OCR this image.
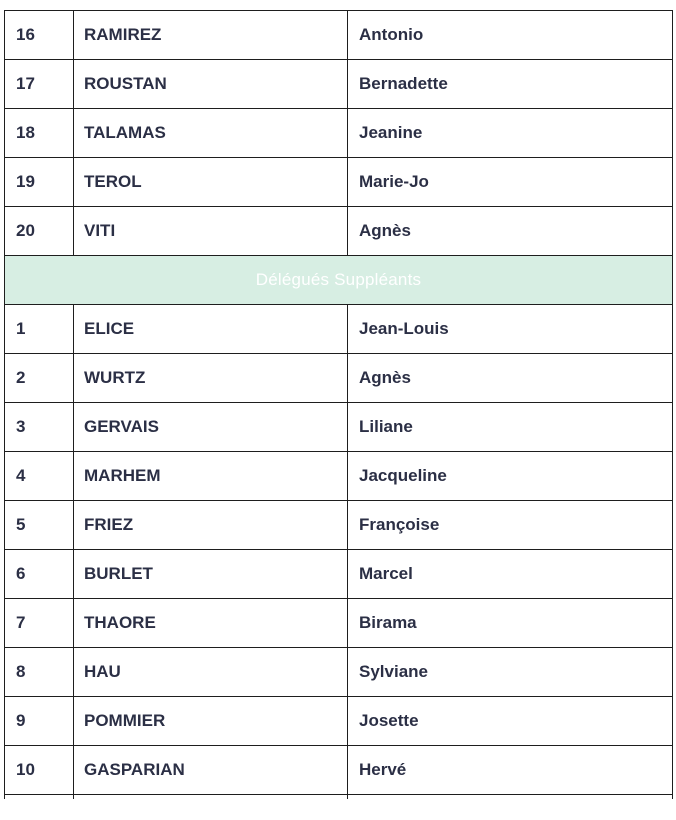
16	RAMIREZ	Antonio
17	ROUSTAN	Bernadette
18	TALAMAS	Jeanine
19	TEROL	Marie-Jo
20	VITI	Agnès
Délégués Suppléants		
1	ELICE	Jean-Louis
2	WURTZ	Agnès
3	GERVAIS	Liliane
4	MARHEM	Jacqueline
5	FRIEZ	Françoise
6	BURLET	Marcel
7	THAORE	Birama
8	HAU	Sylviane
9	POMMIER	Josette
10	GASPARIAN	Hervé
